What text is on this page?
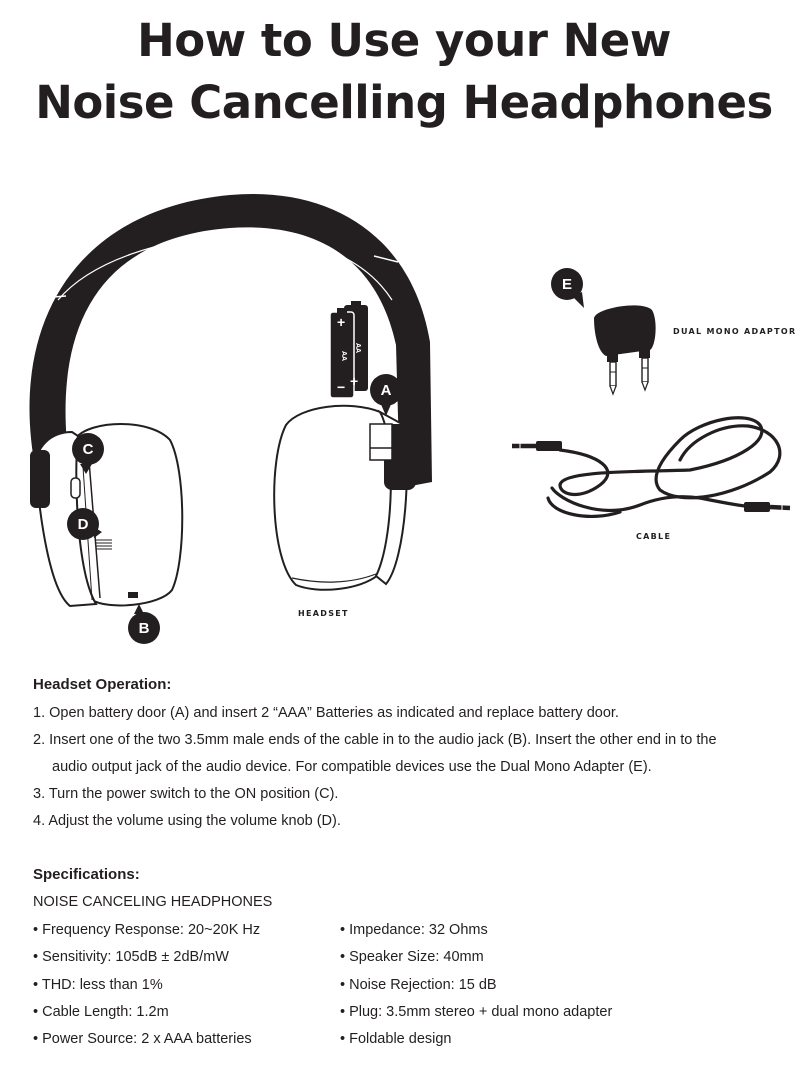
How to Use your New
Noise Cancelling Headphones
+
+
−
AA
AA
A
C
D
B
E
HEADSET
DUAL MONO ADAPTOR
CABLE
Headset Operation:
1. Open battery door (A) and insert 2 “AAA” Batteries as indicated and replace battery door.
2. Insert one of the two 3.5mm male ends of the cable in to the audio jack (B). Insert the other end in to the
audio output jack of the audio device. For compatible devices use the Dual Mono Adapter (E).
3. Turn the power switch to the ON position (C).
4. Adjust the volume using the volume knob (D).
Specifications:
NOISE CANCELING HEADPHONES
• Frequency Response: 20~20K Hz
• Sensitivity: 105dB ± 2dB/mW
• THD: less than 1%
• Cable Length: 1.2m
• Power Source: 2 x AAA batteries
• Impedance: 32 Ohms
• Speaker Size: 40mm
• Noise Rejection: 15 dB
• Plug: 3.5mm stereo + dual mono adapter
• Foldable design
